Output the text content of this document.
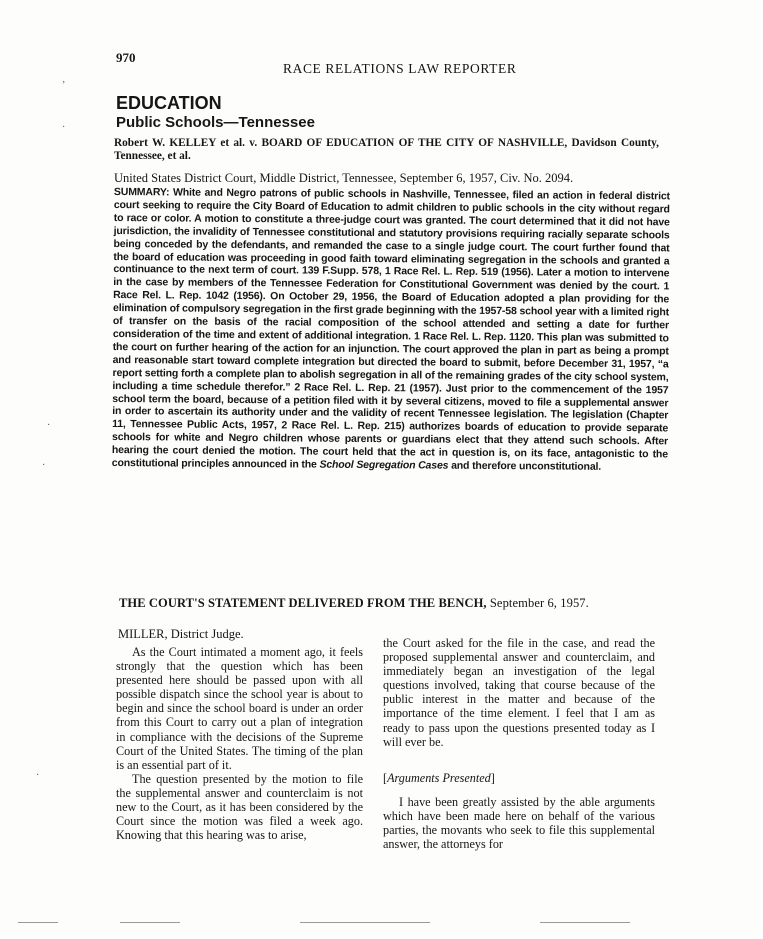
970
RACE RELATIONS LAW REPORTER
EDUCATION
Public Schools—Tennessee
Robert W. KELLEY et al. v. BOARD OF EDUCATION OF THE CITY OF NASHVILLE, Davidson County, Tennessee, et al.
United States District Court, Middle District, Tennessee, September 6, 1957, Civ. No. 2094.
SUMMARY: White and Negro patrons of public schools in Nashville, Tennessee, filed an action in federal district court seeking to require the City Board of Education to admit children to public schools in the city without regard to race or color. A motion to constitute a three-judge court was granted. The court determined that it did not have jurisdiction, the invalidity of Tennessee constitutional and statutory provisions requiring racially separate schools being conceded by the defendants, and remanded the case to a single judge court. The court further found that the board of education was proceeding in good faith toward eliminating segregation in the schools and granted a continuance to the next term of court. 139 F.Supp. 578, 1 Race Rel. L. Rep. 519 (1956). Later a motion to intervene in the case by members of the Tennessee Federation for Constitutional Government was denied by the court. 1 Race Rel. L. Rep. 1042 (1956). On October 29, 1956, the Board of Education adopted a plan providing for the elimination of compulsory segregation in the first grade beginning with the 1957-58 school year with a limited right of transfer on the basis of the racial composition of the school attended and setting a date for further consideration of the time and extent of additional integration. 1 Race Rel. L. Rep. 1120. This plan was submitted to the court on further hearing of the action for an injunction. The court approved the plan in part as being a prompt and reasonable start toward complete integration but directed the board to submit, before December 31, 1957, “a report setting forth a complete plan to abolish segregation in all of the remaining grades of the city school system, including a time schedule therefor.” 2 Race Rel. L. Rep. 21 (1957). Just prior to the commencement of the 1957 school term the board, because of a petition filed with it by several citizens, moved to file a supplemental answer in order to ascertain its authority under and the validity of recent Tennessee legislation. The legislation (Chapter 11, Tennessee Public Acts, 1957, 2 Race Rel. L. Rep. 215) authorizes boards of education to provide separate schools for white and Negro children whose parents or guardians elect that they attend such schools. After hearing the court denied the motion. The court held that the act in question is, on its face, antagonistic to the constitutional principles announced in the School Segregation Cases and therefore unconstitutional.
THE COURT'S STATEMENT DELIVERED FROM THE BENCH, September 6, 1957.
MILLER, District Judge.

As the Court intimated a moment ago, it feels strongly that the question which has been presented here should be passed upon with all possible dispatch since the school year is about to begin and since the school board is under an order from this Court to carry out a plan of integration in compliance with the decisions of the Supreme Court of the United States. The timing of the plan is an essential part of it.

The question presented by the motion to file the supplemental answer and counterclaim is not new to the Court, as it has been considered by the Court since the motion was filed a week ago. Knowing that this hearing was to arise,

the Court asked for the file in the case, and read the proposed supplemental answer and counterclaim, and immediately began an investigation of the legal questions involved, taking that course because of the public interest in the matter and because of the importance of the time element. I feel that I am as ready to pass upon the questions presented today as I will ever be.

[Arguments Presented]

I have been greatly assisted by the able arguments which have been made here on behalf of the various parties, the movants who seek to file this supplemental answer, the attorneys for

ʼ
·
·
·
·
